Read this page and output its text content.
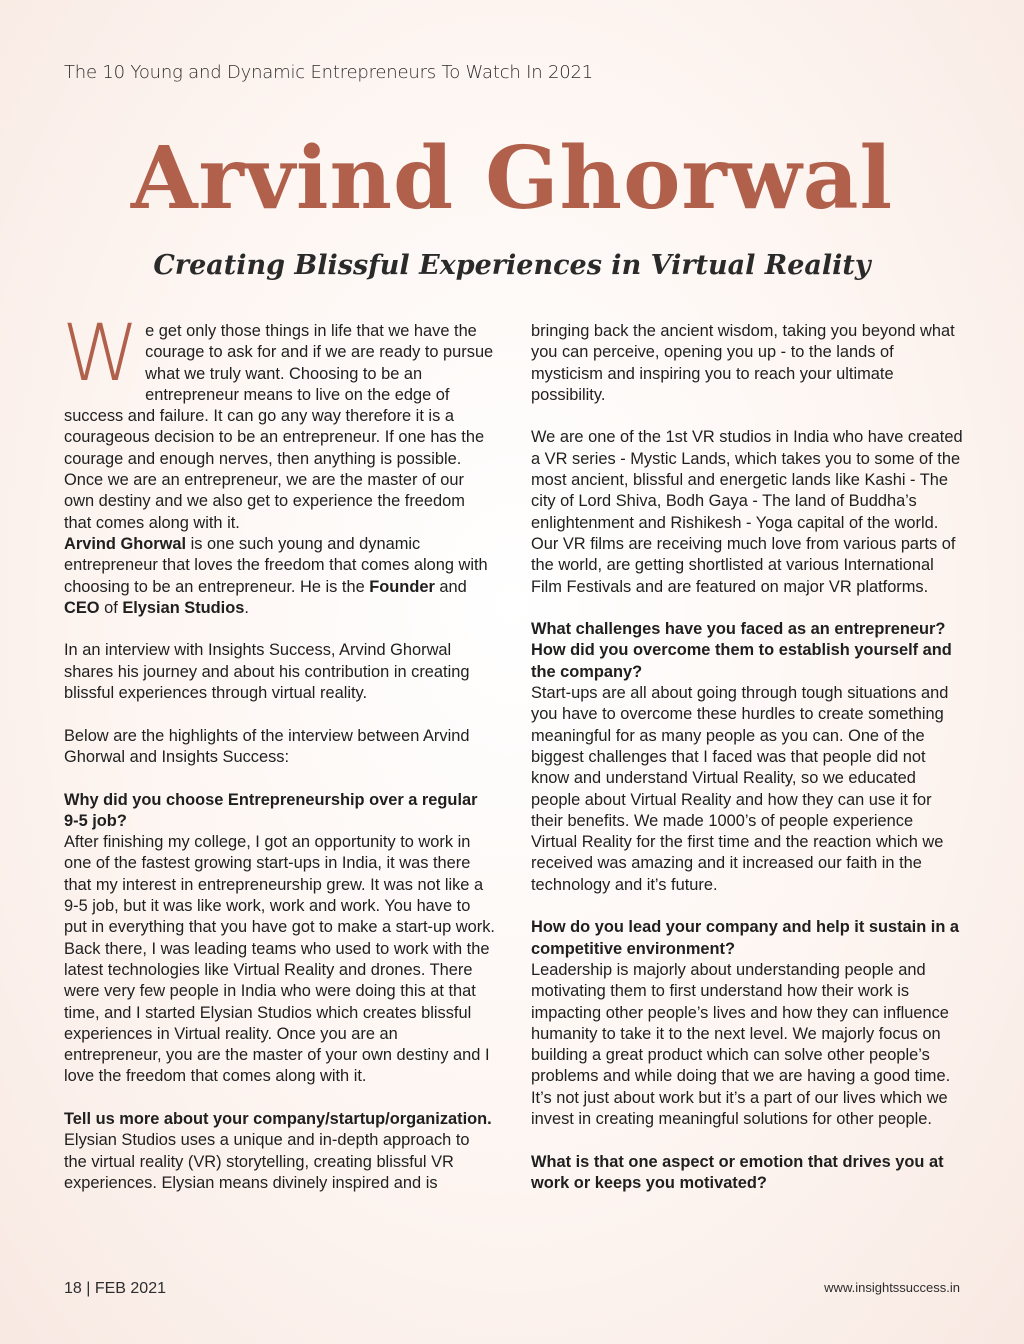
The 10 Young and Dynamic Entrepreneurs To Watch In 2021
Arvind Ghorwal
Creating Blissful Experiences in Virtual Reality

We get only those things in life that we have the courage to ask for and if we are ready to pursue what we truly want. Choosing to be an entrepreneur means to live on the edge of success and failure. It can go any way therefore it is a courageous decision to be an entrepreneur. If one has the courage and enough nerves, then anything is possible. Once we are an entrepreneur, we are the master of our own destiny and we also get to experience the freedom that comes along with it.
Arvind Ghorwal is one such young and dynamic entrepreneur that loves the freedom that comes along with choosing to be an entrepreneur. He is the Founder and CEO of Elysian Studios.

In an interview with Insights Success, Arvind Ghorwal shares his journey and about his contribution in creating blissful experiences through virtual reality.

Below are the highlights of the interview between Arvind Ghorwal and Insights Success:

Why did you choose Entrepreneurship over a regular 9-5 job?
After finishing my college, I got an opportunity to work in one of the fastest growing start-ups in India, it was there that my interest in entrepreneurship grew. It was not like a 9-5 job, but it was like work, work and work. You have to put in everything that you have got to make a start-up work. Back there, I was leading teams who used to work with the latest technologies like Virtual Reality and drones. There were very few people in India who were doing this at that time, and I started Elysian Studios which creates blissful experiences in Virtual reality. Once you are an entrepreneur, you are the master of your own destiny and I love the freedom that comes along with it.

Tell us more about your company/startup/organization.
Elysian Studios uses a unique and in-depth approach to the virtual reality (VR) storytelling, creating blissful VR experiences. Elysian means divinely inspired and is

bringing back the ancient wisdom, taking you beyond what you can perceive, opening you up - to the lands of mysticism and inspiring you to reach your ultimate possibility.

We are one of the 1st VR studios in India who have created a VR series - Mystic Lands, which takes you to some of the most ancient, blissful and energetic lands like Kashi - The city of Lord Shiva, Bodh Gaya - The land of Buddha’s enlightenment and Rishikesh - Yoga capital of the world. Our VR films are receiving much love from various parts of the world, are getting shortlisted at various International Film Festivals and are featured on major VR platforms.

What challenges have you faced as an entrepreneur? How did you overcome them to establish yourself and the company?
Start-ups are all about going through tough situations and you have to overcome these hurdles to create something meaningful for as many people as you can. One of the biggest challenges that I faced was that people did not know and understand Virtual Reality, so we educated people about Virtual Reality and how they can use it for their benefits. We made 1000’s of people experience Virtual Reality for the first time and the reaction which we received was amazing and it increased our faith in the technology and it’s future.

How do you lead your company and help it sustain in a competitive environment?
Leadership is majorly about understanding people and motivating them to first understand how their work is impacting other people’s lives and how they can influence humanity to take it to the next level. We majorly focus on building a great product which can solve other people’s problems and while doing that we are having a good time. It’s not just about work but it’s a part of our lives which we invest in creating meaningful solutions for other people.

What is that one aspect or emotion that drives you at work or keeps you motivated?

18 | FEB 2021	www.insightssuccess.in
